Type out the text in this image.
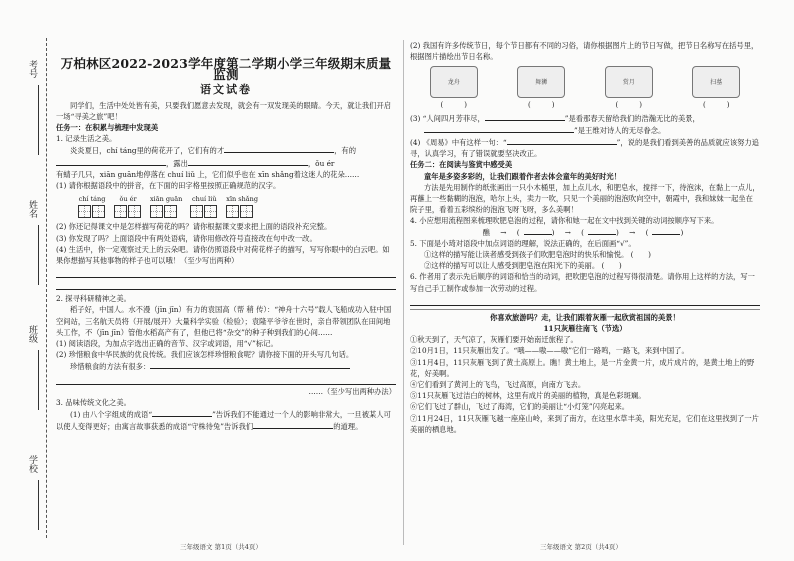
考号
姓名
班级
学校
万柏林区2022-2023学年度第二学期小学三年级期末质量监测
语文试卷

同学们，生活中处处皆有美，只要我们愿意去发现，就会有一双发现美的眼睛。今天，就让我们开启一场“寻美之旅”吧！

任务一：在积累与梳理中发现美

1. 记录生活之美。

炎炎夏日，chí táng里的荷花开了，它们有的才	，有的
，露出	，ǒu ér
有蜻子几只，xiān guān地停落在 chuí liǔ 上，它们似乎也在 xīn shǎng着这迷人的花朵……

(1) 请你根据语段中的拼音，在下面的田字格里按照正确规范的汉字。

chí táng	ǒu ér	xiān guān chuí liǔ xīn shǎng

(2) 你还记得课文中是怎样描写荷花的吗？请你根据课文要求把上面的语段补充完整。

(3) 你发现了吗？上面语段中有两处语病，请你用修改符号直接改在句中改一改。

(4) 生活中，你一定观察过天上的云朵吧。请你仿照语段中对荷花样子的描写，写写你眼中的白云吧。如果你想描写其他事物的样子也可以哦！（至少写出两种）

2. 探寻科研精神之美。

稻子好，中国人。水不漫（jīn jīn）有力的袁国高（帮 稍 传）：“神舟十六号”载人飞船成功入驻中国空间站，三名航天员将（开展/展开）大量科学实验（检验）；袁隆平爷爷在世时，亲自带领团队在田间地头工作，不（jīn jīn）管他水稻高产有了，但他已将“杂交”的种子种到我们的心间……

(1) 阅读语段，为加点字选出正确的音节、汉字或词语，用“√”标记。

(2) 珍惜粮食中华民族的优良传统。我们应该怎样珍惜粮食呢？请你接下面的开头写几句话。

珍惜粮食的方法有很多：

……（至少写出两种办法）

3. 品味传统文化之美。

(1) 由八个字组成的成语“	”告诉我们不能通过一个人的影响非常大，一旦被某人可以使人变得更好；由寓言故事获悉的成语“守株待兔”告诉我们	的道理。

三年级语文 第1页（共4页）

(2) 我国有许多传统节日，每个节日都有不同的习俗，请你根据图片上的节日写做，把节日名称写在括号里，根据图片描绘出节日名称。

龙舟	舞狮	赏月	扫墓
(　　　)	(　　　)	(　　　)	(　　　)

(3) “人间四月芳菲尽，	”是看那春天留给我们的浩瀚无比的美景，

”是王维对诗人的无尽眷念。

(4) 《周易》中有这样一句：“	”，说的是我们看到美善的品质就应该努力追寻，认真学习，有了错误就要坚决改正。

任务二：在阅读与鉴赏中感受美

童年是多姿多彩的，让我们跟着作者去体会童年的美好时光！

方法是先用制作的纸张画出一只小木桶里，加上点儿水，和肥皂水，搅拌一下，待泡沫，在黏上一点儿，再蘸上一些黏糊的泡泡，哈尔上头，卖力一吹，只见一个美丽的泡泡吹向空中，朝霞中，我和妹妹一起坐在院子里，看着五彩缤纷的泡泡飞呀飞呀，多么美啊！

4. 小应想用流程图来梳理吹肥皂泡的过程，请你和她一起在文中找到关键的动词按顺序写下来。

醮 → (	) → (	) → (	)

5. 下面是小琦对语段中加点词语的理解，说法正确的，在后面画“√”。

①这样的描写能让读者感受到孩子们吹肥皂泡时的快乐和愉悦。 (　　)

②这样的描写可以让人感受到肥皂泡在阳光下的美丽。 (　　)

6. 作者用了表示先后顺序的词语和恰当的动词，把吹肥皂泡的过程写得很清楚。请你用上这样的方法，写一写自己手工制作或参加一次劳动的过程。

你喜欢旅游吗？走，让我们跟着灰雁一起欣赏祖国的美景！

11只灰雁往南飞（节选）

①秋天到了，天气凉了，灰雁们要开始南迁旅程了。

②10月1日，11只灰雁出发了。“哦——嗷——嗷”它们一路鸣，一路飞，来到中国了。

③11月4日，11只灰雁飞到了黄土高原上。瞧！黄土地上，是一片金黄一片，成片成片的，是黄土地上的野花，好美啊。

④它们看到了黄河上的飞鸟，飞过高原，向南方飞去。

⑤11只灰雁飞过洁白的树林，这里有成片的美丽的植物，真是色彩斑斓。

⑥它们飞过了群山，飞过了海湾，它们的美丽让“小灯笼”闪亮起来。

⑦11月24日，11只灰雁飞越一座座山岭，来到了南方，在这里水草丰美，阳光充足，它们在这里找到了一片美丽的栖息地。

三年级语文 第2页（共4页）
